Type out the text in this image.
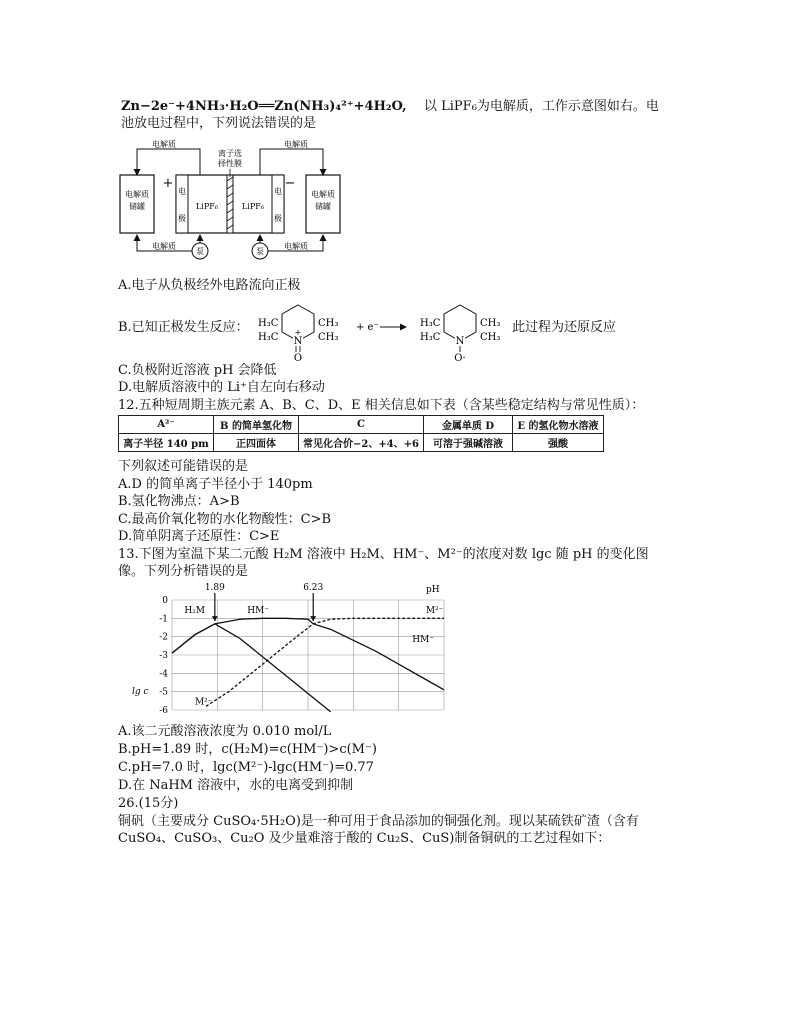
Zn−2e⁻+4NH₃·H₂O══Zn(NH₃)₄²⁺+4H₂O, 以 LiPF₆为电解质，工作示意图如右。电
池放电过程中，下列说法错误的是
电解质
储罐
电解质
储罐
电
极
电
极
LiPF₆	LiPF₆
离子选
择性膜
+	−
电解质	电解质
泵
电解质
泵
电解质
A.电子从负极经外电路流向正极
B.已知正极发生反应： H₃C
H₃C
CH₃
CH₃
N
+
O
+ e⁻	H₃C
H₃C
CH₃
CH₃
N
O·
此过程为还原反应
C.负极附近溶液 pH 会降低
D.电解质溶液中的 Li⁺自左向右移动
12.五种短周期主族元素 A、B、C、D、E 相关信息如下表（含某些稳定结构与常见性质）：
A²⁻	B 的简单氢化物	C	金属单质 D	E 的氢化物水溶液
离子半径 140 pm	正四面体	常见化合价−2、+4、+6	可溶于强碱溶液	强酸
下列叙述可能错误的是
A.D 的简单离子半径小于 140pm
B.氢化物沸点：A>B
C.最高价氧化物的水化物酸性：C>B
D.简单阴离子还原性：C>E
13.下图为室温下某二元酸 H₂M 溶液中 H₂M、HM⁻、M²⁻的浓度对数 lgc 随 pH 的变化图
像。下列分析错误的是
0
-1
-2
-3
-4
-5
-6
H₂M	HM⁻
HM⁻
M²⁻
M²⁻
1.89	6.23	pH
lg c
A.该二元酸溶液浓度为 0.010 mol/L
B.pH=1.89 时，c(H₂M)=c(HM⁻)>c(M⁻)
C.pH=7.0 时，lgc(M²⁻)-lgc(HM⁻)=0.77
D.在 NaHM 溶液中，水的电离受到抑制
26.(15分)
铜矾（主要成分 CuSO₄·5H₂O)是一种可用于食品添加的铜强化剂。现以某硫铁矿渣（含有
CuSO₄、CuSO₃、Cu₂O 及少量难溶于酸的 Cu₂S、CuS)制备铜矾的工艺过程如下：
